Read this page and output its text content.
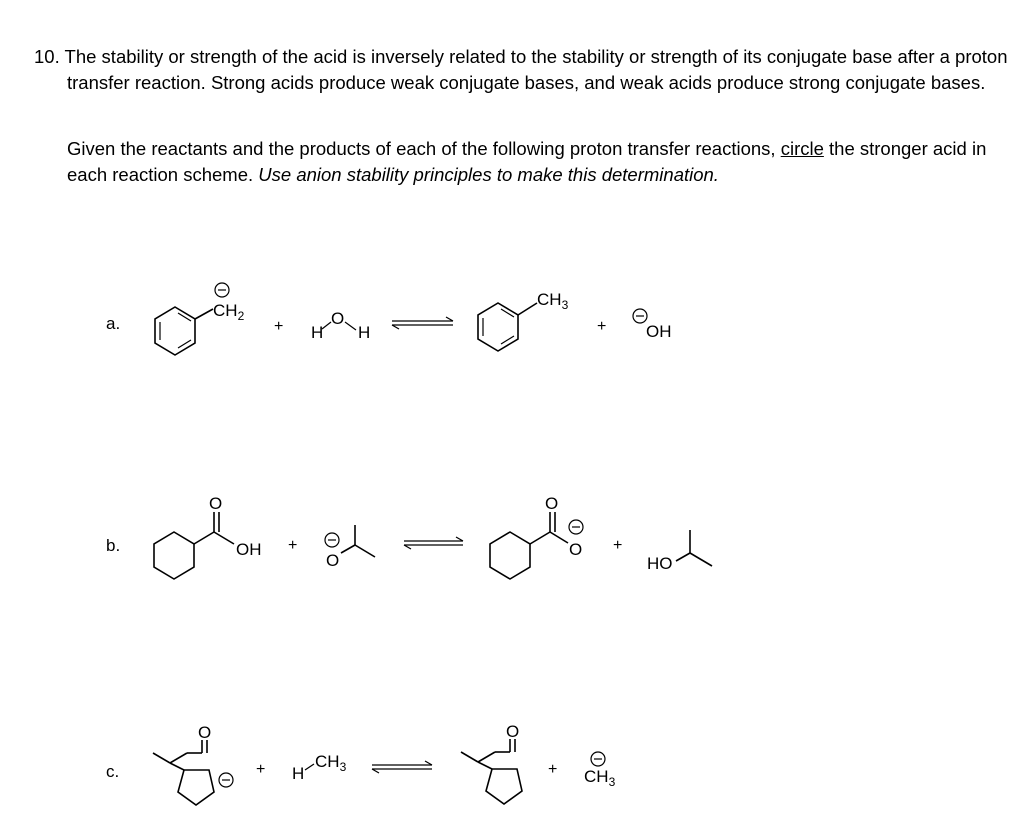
10. The stability or strength of the acid is inversely related to the stability or strength of its conjugate base after a proton transfer reaction. Strong acids produce weak conjugate bases, and weak acids produce strong conjugate bases.

Given the reactants and the products of each of the following proton transfer reactions, circle the stronger acid in each reaction scheme. Use anion stability principles to make this determination.

a.
b.
c.
$CH_2$
+ H
O
H
$CH_3$
+ OH
O
OH +
O
O
O +
HO
O
+ H
$CH_3$
O
+ $CH_3$
